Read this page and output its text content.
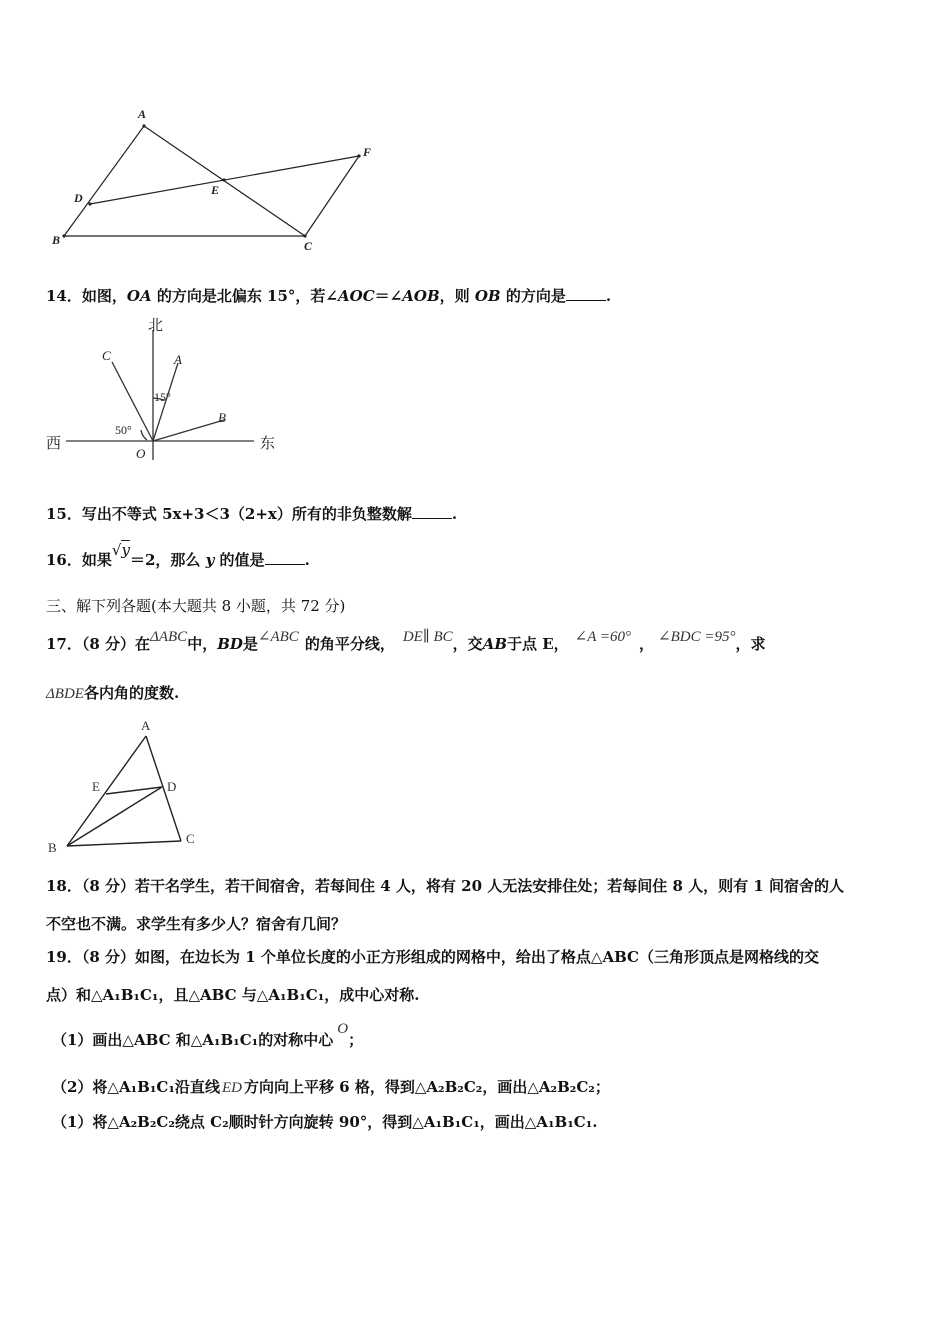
A
B	C
D
E
F
14．如图，OA 的方向是北偏东 15°，若∠AOC＝∠AOB，则 OB 的方向是	.
北
西	东
A
B
C
O
15°
50°
15．写出不等式 5x+3＜3（2+x）所有的非负整数解	.
16．如果√y＝2，那么 y 的值是	.
三、解下列各题(本大题共 8 小题，共 72 分)
17．（8 分）在ΔABC中，BD是∠ABC 的角平分线， DE∥ BC，交AB于点 E， ∠A =60° ， ∠BDC =95°，求
ΔBDE各内角的度数.
A
B
C
D
E
18．（8 分）若干名学生，若干间宿舍，若每间住 4 人，将有 20 人无法安排住处；若每间住 8 人，则有 1 间宿舍的人
不空也不满。求学生有多少人？宿舍有几间？
19．（8 分）如图，在边长为 1 个单位长度的小正方形组成的网格中，给出了格点△ABC（三角形顶点是网格线的交
点）和△A₁B₁C₁，且△ABC 与△A₁B₁C₁，成中心对称.
（1）画出△ABC 和△A₁B₁C₁的对称中心O；
（2）将△A₁B₁C₁沿直线 ED 方向向上平移 6 格，得到△A₂B₂C₂，画出△A₂B₂C₂；
（1）将△A₂B₂C₂绕点 C₂顺时针方向旋转 90°，得到△A₁B₁C₁，画出△A₁B₁C₁.
